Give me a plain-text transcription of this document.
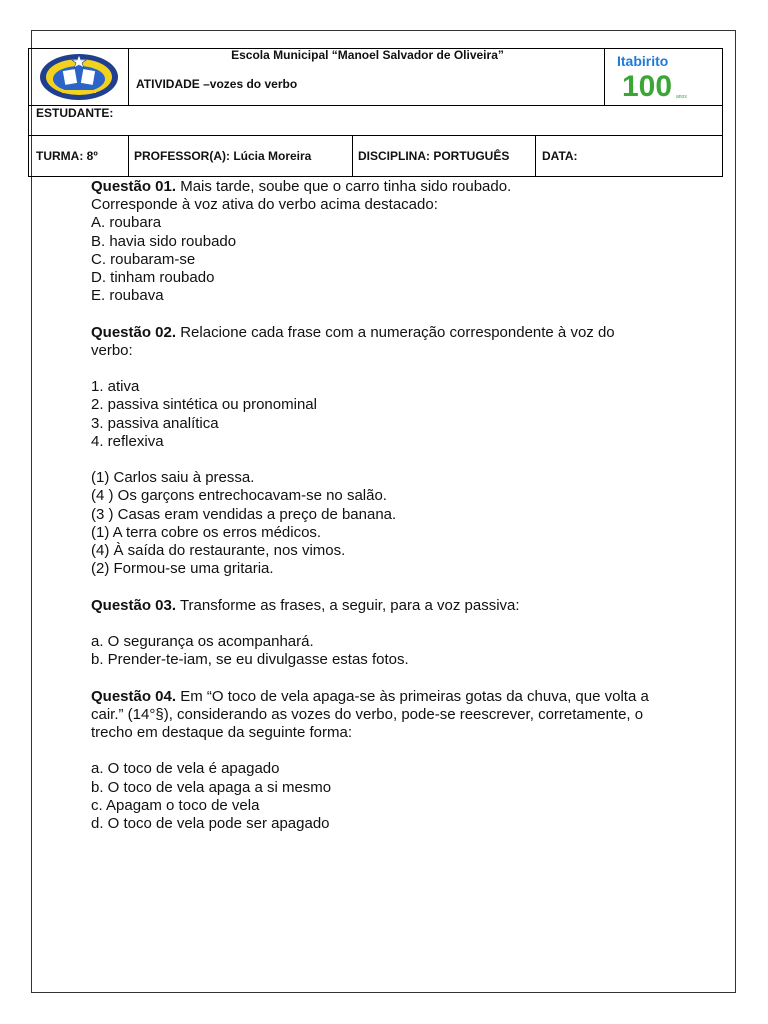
Escola Municipal “Manoel Salvador de Oliveira”
ATIVIDADE –vozes do verbo
Itabirito
100 anos
ESTUDANTE:
TURMA: 8º	PROFESSOR(A): Lúcia Moreira	DISCIPLINA: PORTUGUÊS	DATA:

Questão 01. Mais tarde, soube que o carro tinha sido roubado.

Corresponde à voz ativa do verbo acima destacado:

A. roubara

B. havia sido roubado

C. roubaram-se

D. tinham roubado

E. roubava

Questão 02. Relacione cada frase com a numeração correspondente à voz do

verbo:

1. ativa

2. passiva sintética ou pronominal

3. passiva analítica

4. reflexiva

(1) Carlos saiu à pressa.

(4 ) Os garçons entrechocavam-se no salão.

(3 ) Casas eram vendidas a preço de banana.

(1) A terra cobre os erros médicos.

(4) À saída do restaurante, nos vimos.

(2) Formou-se uma gritaria.

Questão 03. Transforme as frases, a seguir, para a voz passiva:

a. O segurança os acompanhará.

b. Prender-te-iam, se eu divulgasse estas fotos.

Questão 04. Em “O toco de vela apaga-se às primeiras gotas da chuva, que volta a

cair.” (14°§), considerando as vozes do verbo, pode-se reescrever, corretamente, o

trecho em destaque da seguinte forma:

a. O toco de vela é apagado

b. O toco de vela apaga a si mesmo

c. Apagam o toco de vela

d. O toco de vela pode ser apagado
